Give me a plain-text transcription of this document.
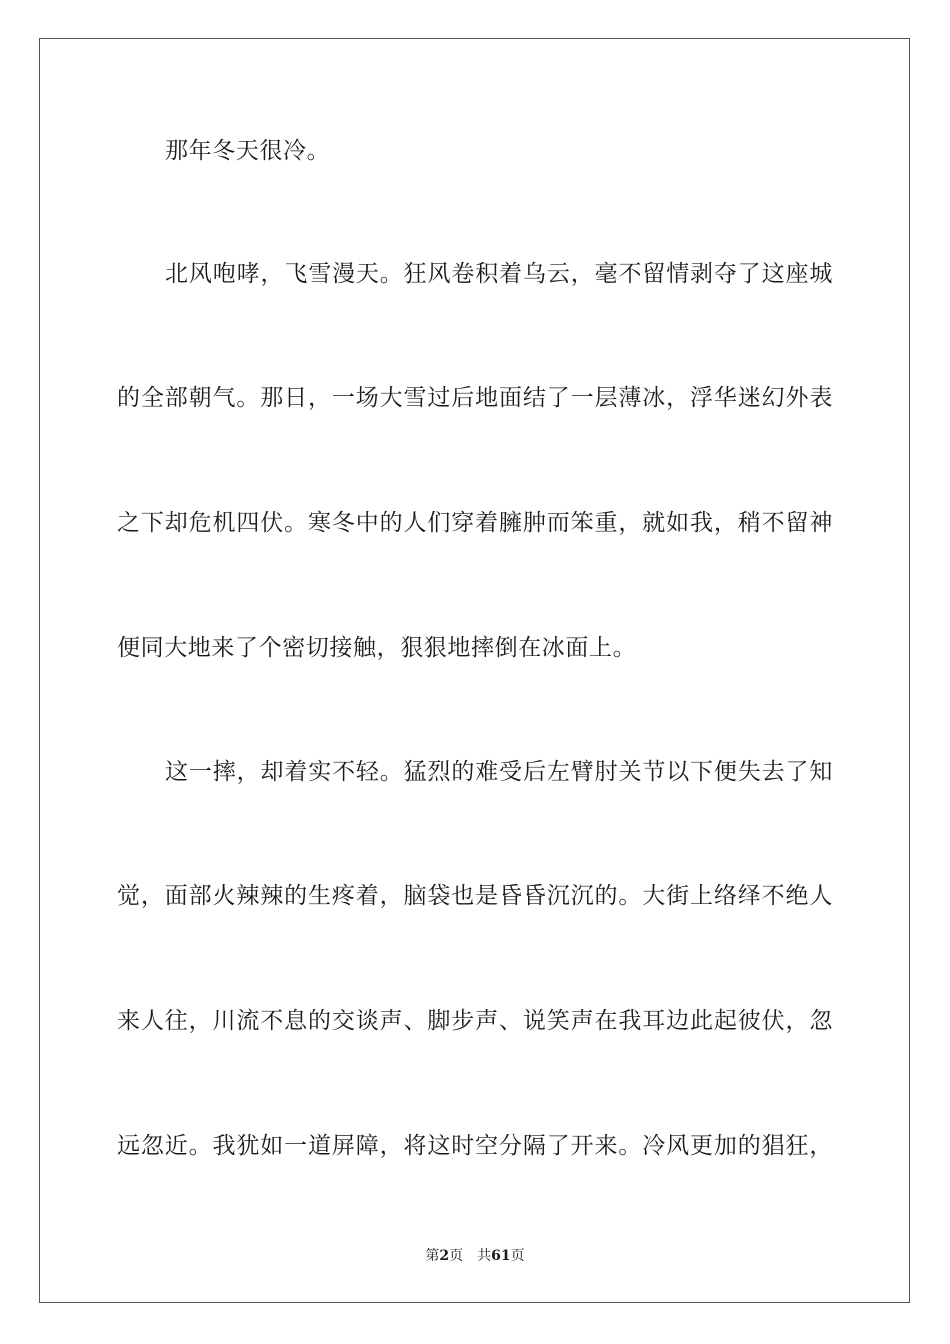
那年冬天很冷。
北风咆哮，飞雪漫天。狂风卷积着乌云，毫不留情剥夺了这座城
的全部朝气。那日，一场大雪过后地面结了一层薄冰，浮华迷幻外表
之下却危机四伏。寒冬中的人们穿着臃肿而笨重，就如我，稍不留神
便同大地来了个密切接触，狠狠地摔倒在冰面上。
这一摔，却着实不轻。猛烈的难受后左臂肘关节以下便失去了知
觉，面部火辣辣的生疼着，脑袋也是昏昏沉沉的。大街上络绎不绝人
来人往，川流不息的交谈声、脚步声、说笑声在我耳边此起彼伏，忽
远忽近。我犹如一道屏障，将这时空分隔了开来。冷风更加的猖狂，
第2页 共61页
